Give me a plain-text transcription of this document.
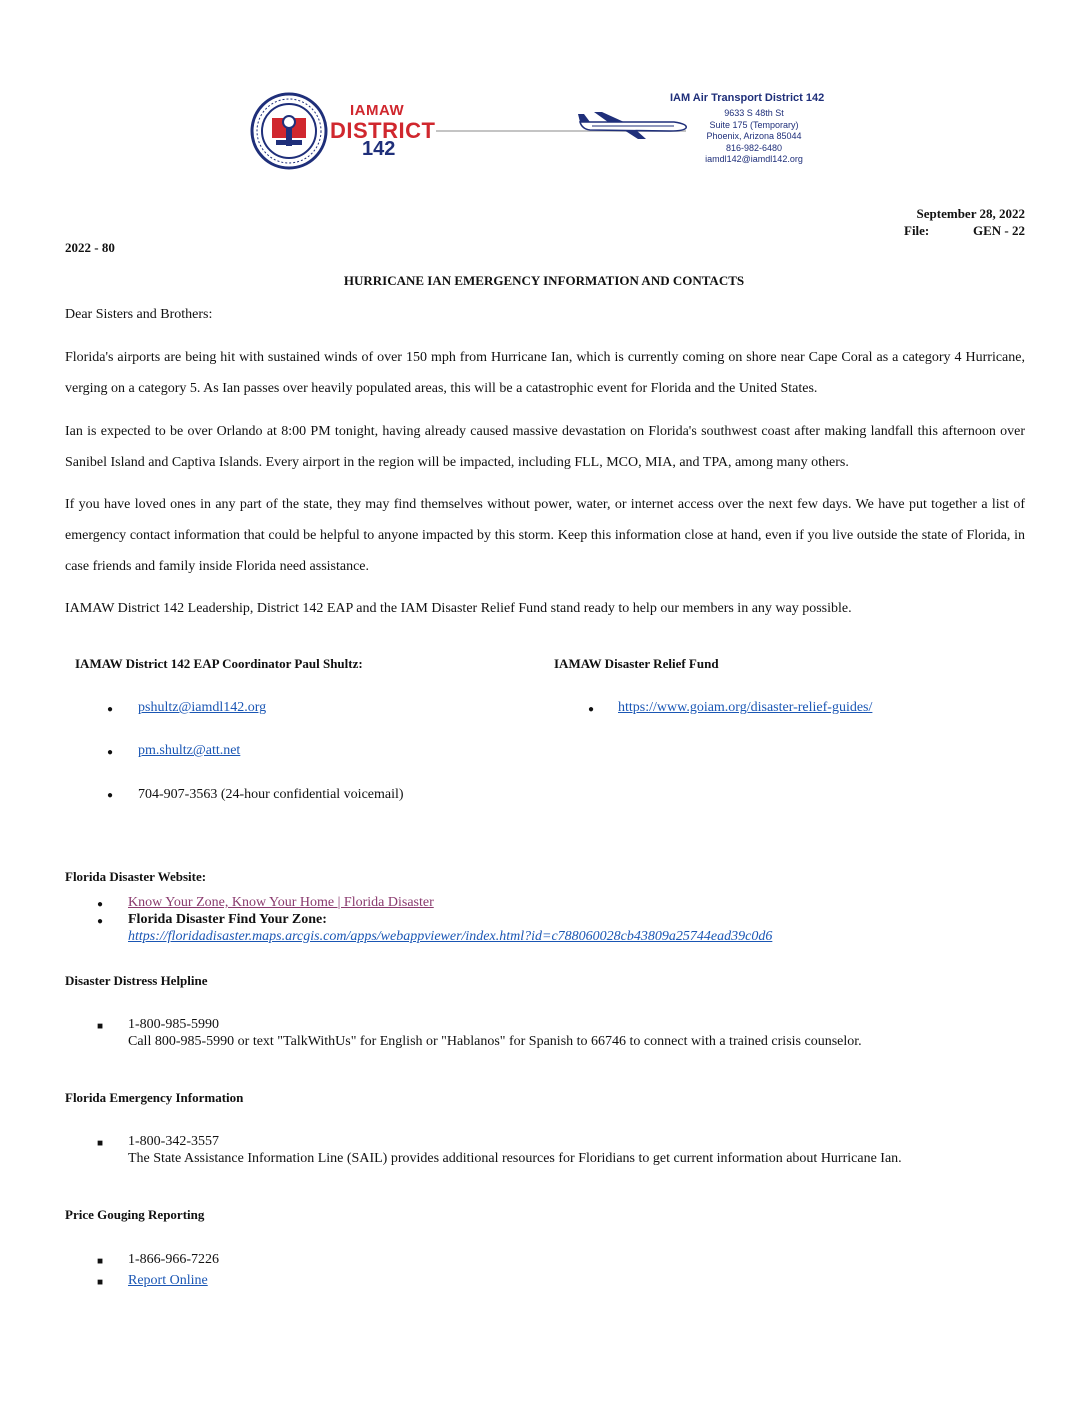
IAMAW
DISTRICT
142
IAM Air Transport District 142
9633 S 48th St
Suite 175 (Temporary)
Phoenix, Arizona 85044
816-982-6480
iamdl142@iamdl142.org
September 28, 2022
File:	GEN - 22
2022 - 80
HURRICANE IAN EMERGENCY INFORMATION AND CONTACTS
Dear Sisters and Brothers:
Florida's airports are being hit with sustained winds of over 150 mph from Hurricane Ian, which is currently coming on shore near Cape Coral as a category 4 Hurricane, verging on a category 5. As Ian passes over heavily populated areas, this will be a catastrophic event for Florida and the United States.
Ian is expected to be over Orlando at 8:00 PM tonight, having already caused massive devastation on Florida's southwest coast after making landfall this afternoon over Sanibel Island and Captiva Islands. Every airport in the region will be impacted, including FLL, MCO, MIA, and TPA, among many others.
If you have loved ones in any part of the state, they may find themselves without power, water, or internet access over the next few days. We have put together a list of emergency contact information that could be helpful to anyone impacted by this storm. Keep this information close at hand, even if you live outside the state of Florida, in case friends and family inside Florida need assistance.
IAMAW District 142 Leadership, District 142 EAP and the IAM Disaster Relief Fund stand ready to help our members in any way possible.
IAMAW District 142 EAP Coordinator Paul Shultz:
● pshultz@iamdl142.org
● pm.shultz@att.net
● 704-907-3563 (24-hour confidential voicemail)
IAMAW Disaster Relief Fund
● https://www.goiam.org/disaster-relief-guides/
Florida Disaster Website:
● Know Your Zone, Know Your Home | Florida Disaster
● Florida Disaster Find Your Zone:
https://floridadisaster.maps.arcgis.com/apps/webappviewer/index.html?id=c788060028cb43809a25744ead39c0d6
Disaster Distress Helpline
■ 1-800-985-5990
Call 800-985-5990 or text "TalkWithUs" for English or "Hablanos" for Spanish to 66746 to connect with a trained crisis counselor.
Florida Emergency Information
■ 1-800-342-3557
The State Assistance Information Line (SAIL) provides additional resources for Floridians to get current information about Hurricane Ian.
Price Gouging Reporting
■ 1-866-966-7226
■ Report Online
